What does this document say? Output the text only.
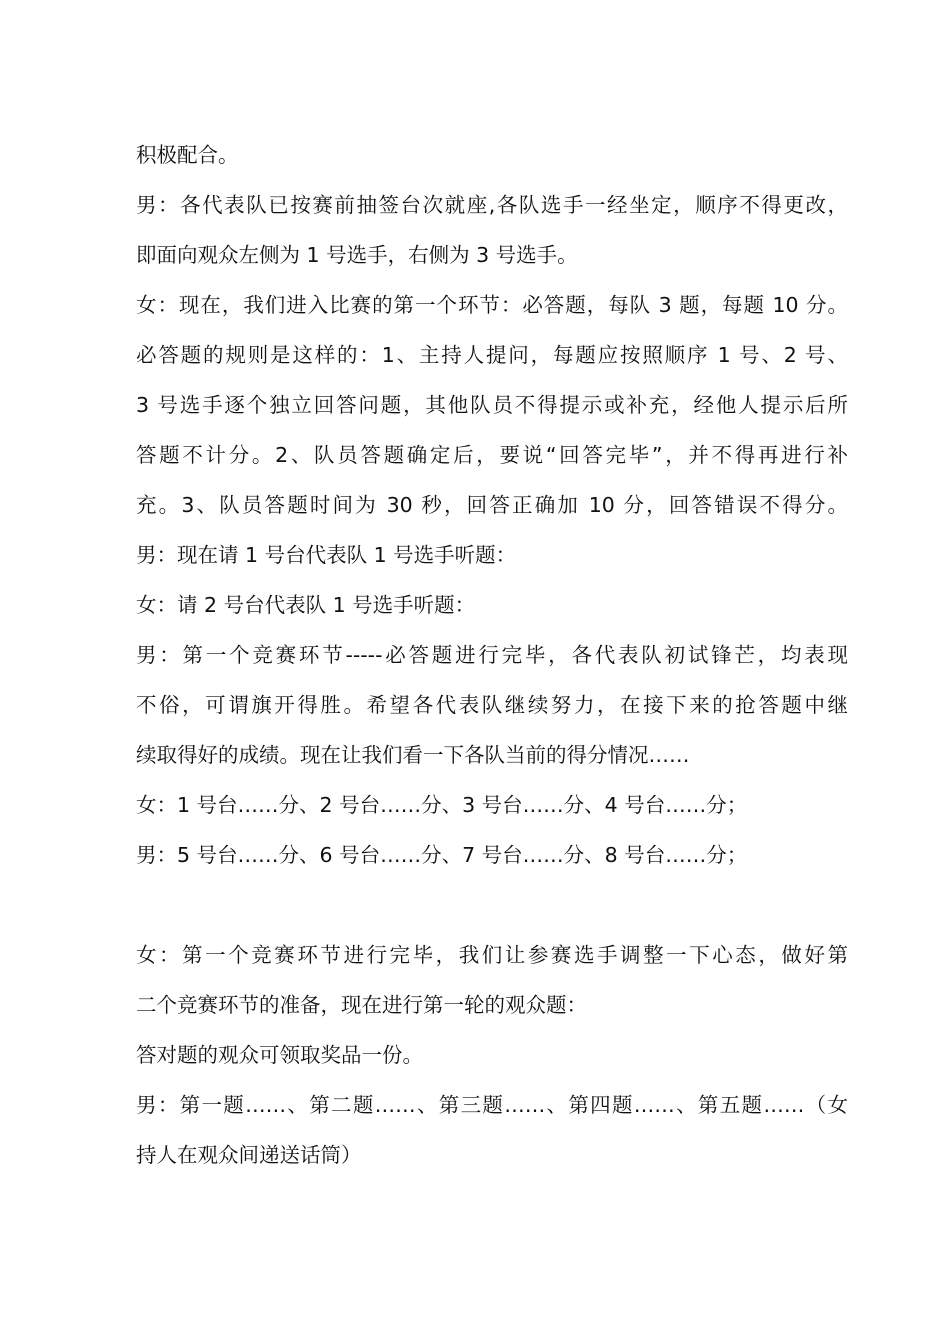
积极配合。
男：各代表队已按赛前抽签台次就座,各队选手一经坐定，顺序不得更改，
即面向观众左侧为 1 号选手，右侧为 3 号选手。
女：现在，我们进入比赛的第一个环节：必答题，每队 3 题，每题 10 分。
必答题的规则是这样的：1、主持人提问，每题应按照顺序 1 号、2 号、
3 号选手逐个独立回答问题，其他队员不得提示或补充，经他人提示后所
答题不计分。2、队员答题确定后，要说“回答完毕”，并不得再进行补
充。3、队员答题时间为 30 秒，回答正确加 10 分，回答错误不得分。
男：现在请 1 号台代表队 1 号选手听题：
女：请 2 号台代表队 1 号选手听题：
男：第一个竞赛环节-----必答题进行完毕，各代表队初试锋芒，均表现
不俗，可谓旗开得胜。希望各代表队继续努力，在接下来的抢答题中继
续取得好的成绩。现在让我们看一下各队当前的得分情况……
女：1 号台……分、2 号台……分、3 号台……分、4 号台……分；
男：5 号台……分、6 号台……分、7 号台……分、8 号台……分；
女：第一个竞赛环节进行完毕，我们让参赛选手调整一下心态，做好第
二个竞赛环节的准备，现在进行第一轮的观众题：
答对题的观众可领取奖品一份。
男：第一题……、第二题……、第三题……、第四题……、第五题……（女
持人在观众间递送话筒）
